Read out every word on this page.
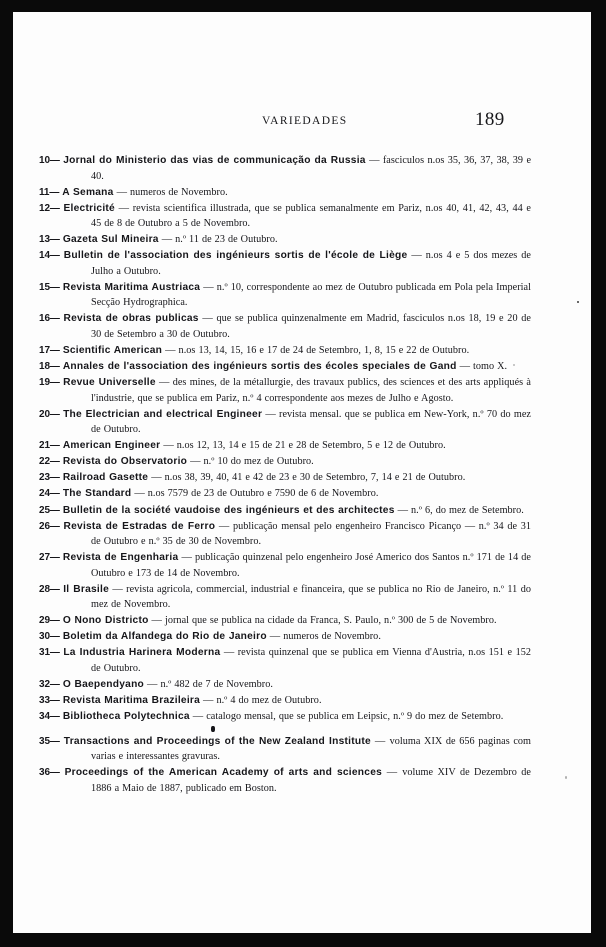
VARIEDADES	189

10— Jornal do Ministerio das vias de communicação da Russia — fasciculos n.os 35, 36, 37, 38, 39 e 40.

11— A Semana — numeros de Novembro.

12— Electricité — revista scientifica illustrada, que se publica semanalmente em Pariz, n.os 40, 41, 42, 43, 44 e 45 de 8 de Outubro a 5 de Novembro.

13— Gazeta Sul Mineira — n.º 11 de 23 de Outubro.

14— Bulletin de l'association des ingénieurs sortis de l'école de Liège — n.os 4 e 5 dos mezes de Julho a Outubro.

15— Revista Maritima Austriaca — n.º 10, correspondente ao mez de Outubro publicada em Pola pela Imperial Secção Hydrographica.

16— Revista de obras publicas — que se publica quinzenalmente em Madrid, fasciculos n.os 18, 19 e 20 de 30 de Setembro a 30 de Outubro.

17— Scientific American — n.os 13, 14, 15, 16 e 17 de 24 de Setembro, 1, 8, 15 e 22 de Outubro.

18— Annales de l'association des ingénieurs sortis des écoles speciales de Gand — tomo X.

19— Revue Universelle — des mines, de la métallurgie, des travaux publics, des sciences et des arts appliqués à l'industrie, que se publica em Pariz, n.º 4 correspondente aos mezes de Julho e Agosto.

20— The Electrician and electrical Engineer — revista mensal. que se publica em New-York, n.º 70 do mez de Outubro.

21— American Engineer — n.os 12, 13, 14 e 15 de 21 e 28 de Setembro, 5 e 12 de Outubro.

22— Revista do Observatorio — n.º 10 do mez de Outubro.

23— Railroad Gasette — n.os 38, 39, 40, 41 e 42 de 23 e 30 de Setembro, 7, 14 e 21 de Outubro.

24— The Standard — n.os 7579 de 23 de Outubro e 7590 de 6 de Novembro.

25— Bulletin de la société vaudoise des ingénieurs et des architectes — n.º 6, do mez de Setembro.

26— Revista de Estradas de Ferro — publicação mensal pelo engenheiro Francisco Picanço — n.º 34 de 31 de Outubro e n.º 35 de 30 de Novembro.

27— Revista de Engenharia — publicação quinzenal pelo engenheiro José Americo dos Santos n.º 171 de 14 de Outubro e 173 de 14 de Novembro.

28— Il Brasile — revista agricola, commercial, industrial e financeira, que se publica no Rio de Janeiro, n.º 11 do mez de Novembro.

29— O Nono Districto — jornal que se publica na cidade da Franca, S. Paulo, n.º 300 de 5 de Novembro.

30— Boletim da Alfandega do Rio de Janeiro — numeros de Novembro.

31— La Industria Harinera Moderna — revista quinzenal que se publica em Vienna d'Austria, n.os 151 e 152 de Outubro.

32— O Baependyano — n.º 482 de 7 de Novembro.

33— Revista Maritima Brazileira — n.º 4 do mez de Outubro.

34— Bibliotheca Polytechnica — catalogo mensal, que se publica em Leipsic, n.º 9 do mez de Setembro.

35— Transactions and Proceedings of the New Zealand Institute — voluma XIX de 656 paginas com varias e interessantes gravuras.

36— Proceedings of the American Academy of arts and sciences — volume XIV de Dezembro de 1886 a Maio de 1887, publicado em Boston.
